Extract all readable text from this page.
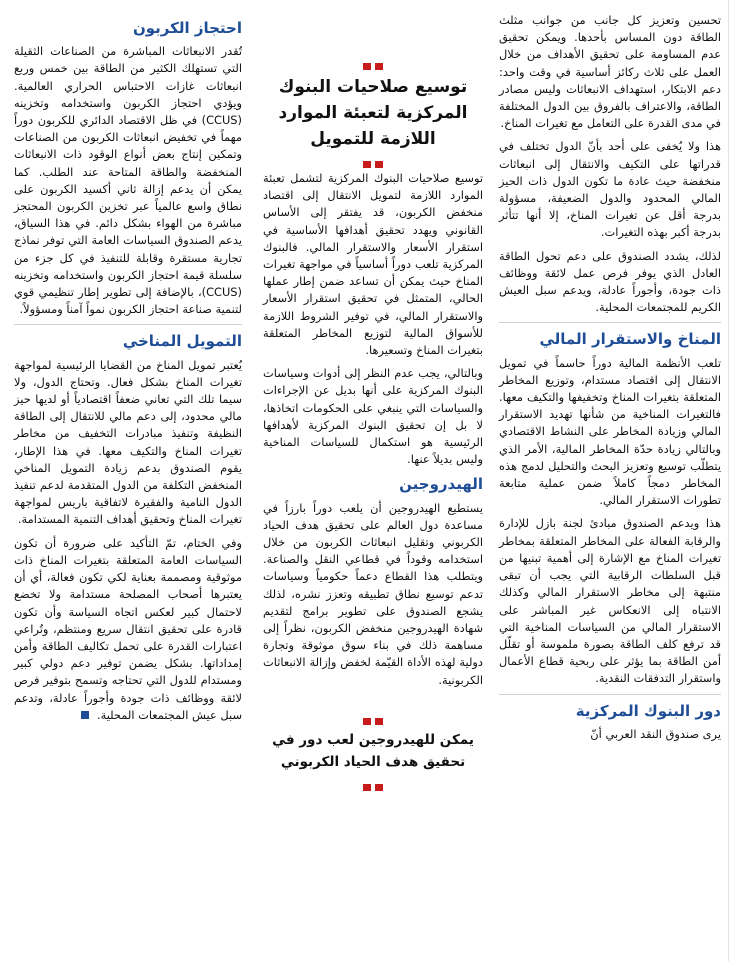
تحسين وتعزيز كل جانب من جوانب مثلث الطاقة دون المساس بأحدها. ويمكن تحقيق عدم المساومة على تحقيق الأهداف من خلال العمل على ثلاث ركائز أساسية في وقت واحد: دعم الابتكار، استهداف الانبعاثات وليس مصادر الطاقة، والاعتراف بالفروق بين الدول المختلفة في مدى القدرة على التعامل مع تغيرات المناخ.

هذا ولا يُخفى على أحد بأنّ الدول تختلف في قدراتها على التكيف والانتقال إلى انبعاثات منخفضة حيث عادة ما تكون الدول ذات الحيز المالي المحدود والدول الضعيفة، مسؤولة بدرجة أقل عن تغيرات المناخ، إلا أنها تتأثر بدرجة أكبر بهذه التغيرات.

لذلك، يشدد الصندوق على دعم تحول الطاقة العادل الذي يوفر فرص عمل لائقة ووظائف ذات جودة، وأجوراً عادلة، ويدعم سبل العيش الكريم للمجتمعات المحلية.

المناخ والاستقرار المالي

تلعب الأنظمة المالية دوراً حاسماً في تمويل الانتقال إلى اقتصاد مستدام، وتوزيع المخاطر المتعلقة بتغيرات المناخ وتخفيفها والتكيف معها. فالتغيرات المناخية من شأنها تهديد الاستقرار المالي وزيادة المخاطر على النشاط الاقتصادي وبالتالي زيادة حدّة المخاطر المالية، الأمر الذي يتطلّب توسيع وتعزيز البحث والتحليل لدمج هذه المخاطر دمجاً كاملاً ضمن عملية متابعة تطورات الاستقرار المالي.

هذا ويدعم الصندوق مبادئ لجنة بازل للإدارة والرقابة الفعالة على المخاطر المتعلقة بمخاطر تغيرات المناخ مع الإشارة إلى أهمية تبنيها من قبل السلطات الرقابية التي يجب أن تبقى منتبهة إلى مخاطر الاستقرار المالي وكذلك الانتباه إلى الانعكاس غير المباشر على الاستقرار المالي من السياسات المناخية التي قد ترفع كلف الطاقة بصورة ملموسة أو تقلّل أمن الطاقة بما يؤثر على ربحية قطاع الأعمال واستقرار التدفقات النقدية.

دور البنوك المركزية

يرى صندوق النقد العربي أنّ

توسيع صلاحيات البنوك المركزية لتعبئة الموارد اللازمة للتمويل

توسيع صلاحيات البنوك المركزية لتشمل تعبئة الموارد اللازمة لتمويل الانتقال إلى اقتصاد منخفض الكربون، قد يفتقر إلى الأساس القانوني ويهدد تحقيق أهدافها الأساسية في استقرار الأسعار والاستقرار المالي. فالبنوك المركزية تلعب دوراً أساسياً في مواجهة تغيرات المناخ حيث يمكن أن تساعد ضمن إطار عملها الحالي، المتمثل في تحقيق استقرار الأسعار والاستقرار المالي، في توفير الشروط اللازمة للأسواق المالية لتوزيع المخاطر المتعلقة بتغيرات المناخ وتسعيرها.

وبالتالي، يجب عدم النظر إلى أدوات وسياسات البنوك المركزية على أنها بديل عن الإجراءات والسياسات التي ينبغي على الحكومات اتخاذها، لا بل إن تحقيق البنوك المركزية لأهدافها الرئيسية هو استكمال للسياسات المناخية وليس بديلاً عنها.

الهيدروجين

يستطيع الهيدروجين أن يلعب دوراً بارزاً في مساعدة دول العالم على تحقيق هدف الحياد الكربوني وتقليل انبعاثات الكربون من خلال استخدامه وقوداً في قطاعي النقل والصناعة. ويتطلب هذا القطاع دعماً حكومياً وسياسات تدعم توسيع نطاق تطبيقه وتعزز نشره، لذلك يشجع الصندوق على تطوير برامج لتقديم شهادة الهيدروجين منخفض الكربون، نظراً إلى مساهمة ذلك في بناء سوق موثوقة وتجارة دولية لهذه الأداة القيّمة لخفض وإزالة الانبعاثات الكربونية.

يمكن للهيدروجين لعب دور في تحقيق هدف الحياد الكربوني
احتجاز الكربون

تُقدر الانبعاثات المباشرة من الصناعات الثقيلة التي تستهلك الكثير من الطاقة بين خمس وربع انبعاثات غازات الاحتباس الحراري العالمية. ويؤدي احتجاز الكربون واستخدامه وتخزينه (CCUS) في ظل الاقتصاد الدائري للكربون دوراً مهماً في تخفيض انبعاثات الكربون من الصناعات وتمكين إنتاج بعض أنواع الوقود ذات الانبعاثات المنخفضة والطاقة المتاحة عند الطلب. كما يمكن أن يدعم إزالة ثاني أكسيد الكربون على نطاق واسع عالمياً عبر تخزين الكربون المحتجز مباشرة من الهواء بشكل دائم. في هذا السياق، يدعم الصندوق السياسات العامة التي توفر نماذج تجارية مستقرة وقابلة للتنفيذ في كل جزء من سلسلة قيمة احتجاز الكربون واستخدامه وتخزينه (CCUS)، بالإضافة إلى تطوير إطار تنظيمي قوي لتنمية صناعة احتجاز الكربون نمواً آمناً ومسؤولاً.

التمويل المناخي

يُعتبر تمويل المناخ من القضايا الرئيسية لمواجهة تغيرات المناخ بشكل فعال. وتحتاج الدول، ولا سيما تلك التي تعاني ضعفاً اقتصادياً أو لديها حيز مالي محدود، إلى دعم مالي للانتقال إلى الطاقة النظيفة وتنفيذ مبادرات التخفيف من مخاطر تغيرات المناخ والتكيف معها. في هذا الإطار، يقوم الصندوق بدعم زيادة التمويل المناخي المنخفض التكلفة من الدول المتقدمة لدعم تنفيذ الدول النامية والفقيرة لاتفاقية باريس لمواجهة تغيرات المناخ وتحقيق أهداف التنمية المستدامة.

وفي الختام، تمّ التأكيد على ضرورة أن تكون السياسات العامة المتعلقة بتغيرات المناخ ذات موثوقية ومصممة بعناية لكي تكون فعالة، أي أن يعتبرها أصحاب المصلحة مستدامة ولا تخضع لاحتمال كبير لعكس اتجاه السياسة وأن تكون قادرة على تحقيق انتقال سريع ومنتظم، وتُراعي اعتبارات القدرة على تحمل تكاليف الطاقة وأمن إمداداتها. بشكل يضمن توفير دعم دولي كبير ومستدام للدول التي تحتاجه وتسمح بتوفير فرص لائقة ووظائف ذات جودة وأجوراً عادلة، وتدعم سبل عيش المجتمعات المحلية.
